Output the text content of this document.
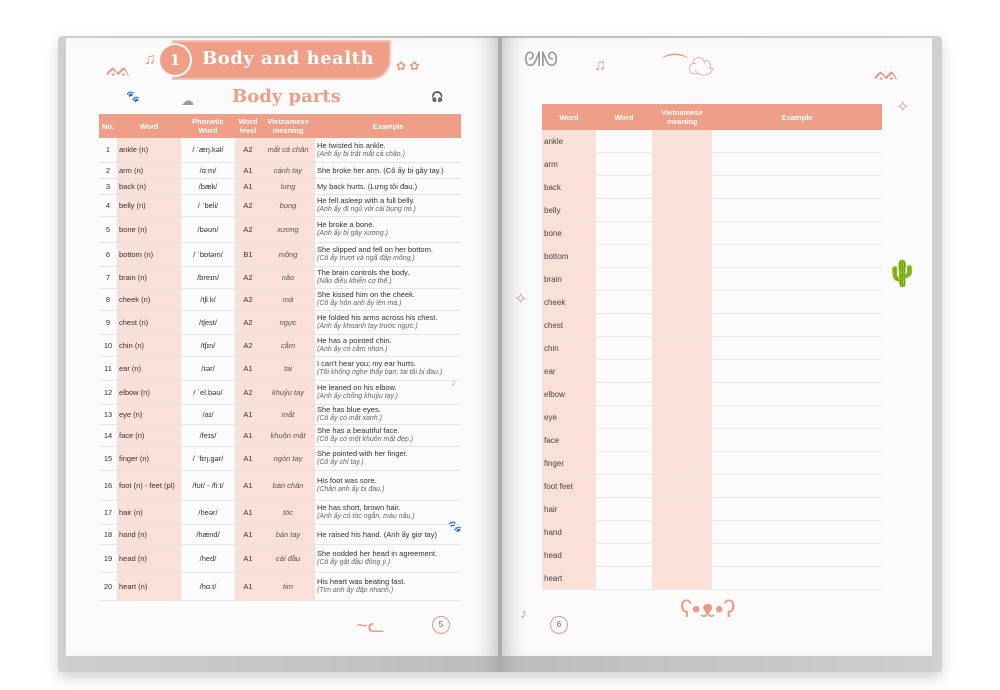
ᨐ ♫
🐾
✿ ✿
☁	🎧
♪
🐾
~ᓚ
1	Body and health
Body parts
No.	Word	Phonetic Word	Word level	Vietnamese meaning	Example
1	ankle (n)	/ ˈæŋ.kəl/	A2	mắt cá chân	He twisted his ankle.
(Anh ấy bị trật mắt cá chân.)

2	arm (n)	/ɑːm/	A1	cánh tay	She broke her arm. (Cô ấy bị gãy tay.)

3	back (n)	/bæk/	A1	lưng	My back hurts. (Lưng tôi đau.)

4	belly (n)	/ ˈbeli/	A2	bụng	He fell asleep with a full belly.
(Anh ấy đi ngủ với cái bụng no.)

5	bone (n)	/bəʊn/	A2	xương	He broke a bone.
(Anh ấy bị gãy xương.)

6	bottom (n)	/ ˈbɒtəm/	B1	mông	She slipped and fell on her bottom.
(Cô ấy trượt và ngã đập mông.)

7	brain (n)	/breɪn/	A2	não	The brain controls the body.
(Não điều khiển cơ thể.)

8	cheek (n)	/tʃiːk/	A2	má	She kissed him on the cheek.
(Cô ấy hôn anh ấy lên má.)

9	chest (n)	/tʃest/	A2	ngực	He folded his arms across his chest.
(Anh ấy khoanh tay trước ngực.)

10	chin (n)	/tʃɪn/	A2	cằm	He has a pointed chin.
(Anh ấy có cằm nhọn.)

11	ear (n)	/ɪər/	A1	tai	I can't hear you; my ear hurts.
(Tôi không nghe thấy bạn; tai tôi bị đau.)

12	elbow (n)	/ ˈel.bəʊ/	A2	khuỷu tay	He leaned on his elbow.
(Anh ấy chống khuỷu tay.)

13	eye (n)	/aɪ/	A1	mắt	She has blue eyes.
(Cô ấy có mắt xanh.)

14	face (n)	/feɪs/	A1	khuôn mặt	She has a beautiful face.
(Cô ấy có một khuôn mặt đẹp.)

15	finger (n)	/ ˈfɪŋ.ɡər/	A1	ngón tay	She pointed with her finger.
(Cô ấy chỉ tay.)

16	foot (n) - feet (pl)	/fʊt/ - /fiːt/	A1	bàn chân	His foot was sore.
(Chân anh ấy bị đau.)

17	hair (n)	/heər/	A1	tóc	He has short, brown hair.
(Anh ấy có tóc ngắn, màu nâu.)

18	hand (n)	/hænd/	A1	bàn tay	He raised his hand. (Anh ấy giơ tay)

19	head (n)	/hed/	A1	cái đầu	She nodded her head in agreement.
(Cô ấy gật đầu đồng ý.)

20	heart (n)	/hɑːt/	A1	tim	His heart was beating fast.
(Tim anh ấy đập nhanh.)
5
ᘛᘚ ♫ ⌒☁	ᨐ
✧
✧
🌵
♪	ʕ•ᴥ•ʔ
Word	Word	Vietnamese meaning	Example
ankle			
arm			
back			
belly			
bone			
bottom			
brain			
cheek			
chest			
chin			
ear			
elbow			
eye			
face			
finger			
foot feet			
hair			
hand			
head			
heart			
6
